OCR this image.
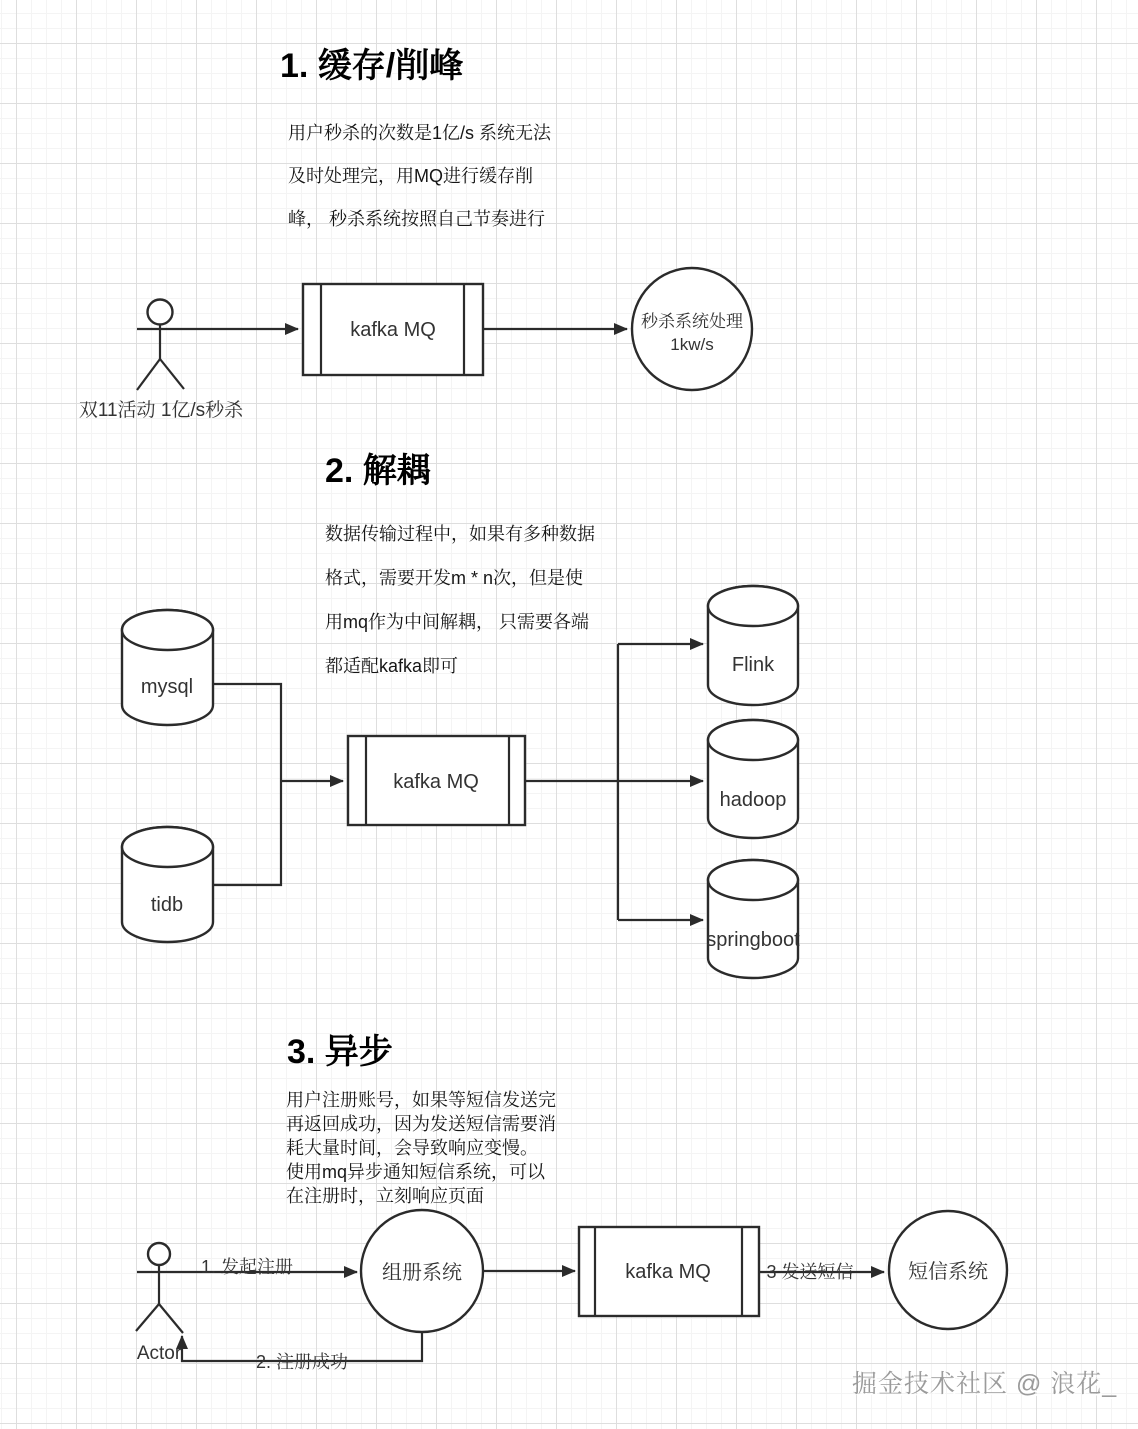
1. 缓存/削峰
2. 解耦
3. 异步
用户秒杀的次数是1亿/s 系统无法
及时处理完，用MQ进行缓存削
峰， 秒杀系统按照自己节奏进行
数据传输过程中，如果有多种数据
格式，需要开发m * n次，但是使
用mq作为中间解耦， 只需要各端
都适配kafka即可
用户注册账号，如果等短信发送完
再返回成功，因为发送短信需要消
耗大量时间，会导致响应变慢。
使用mq异步通知短信系统，可以
在注册时，立刻响应页面
kafka MQ	秒杀系统处理
1kw/s
双11活动 1亿/s秒杀
mysql
tidb
kafka MQ
Flink
hadoop
springboot
组册系统	kafka MQ	短信系统
1. 发起注册
2. 注册成功
3 发送短信
Actor
掘金技术社区 @ 浪花_
